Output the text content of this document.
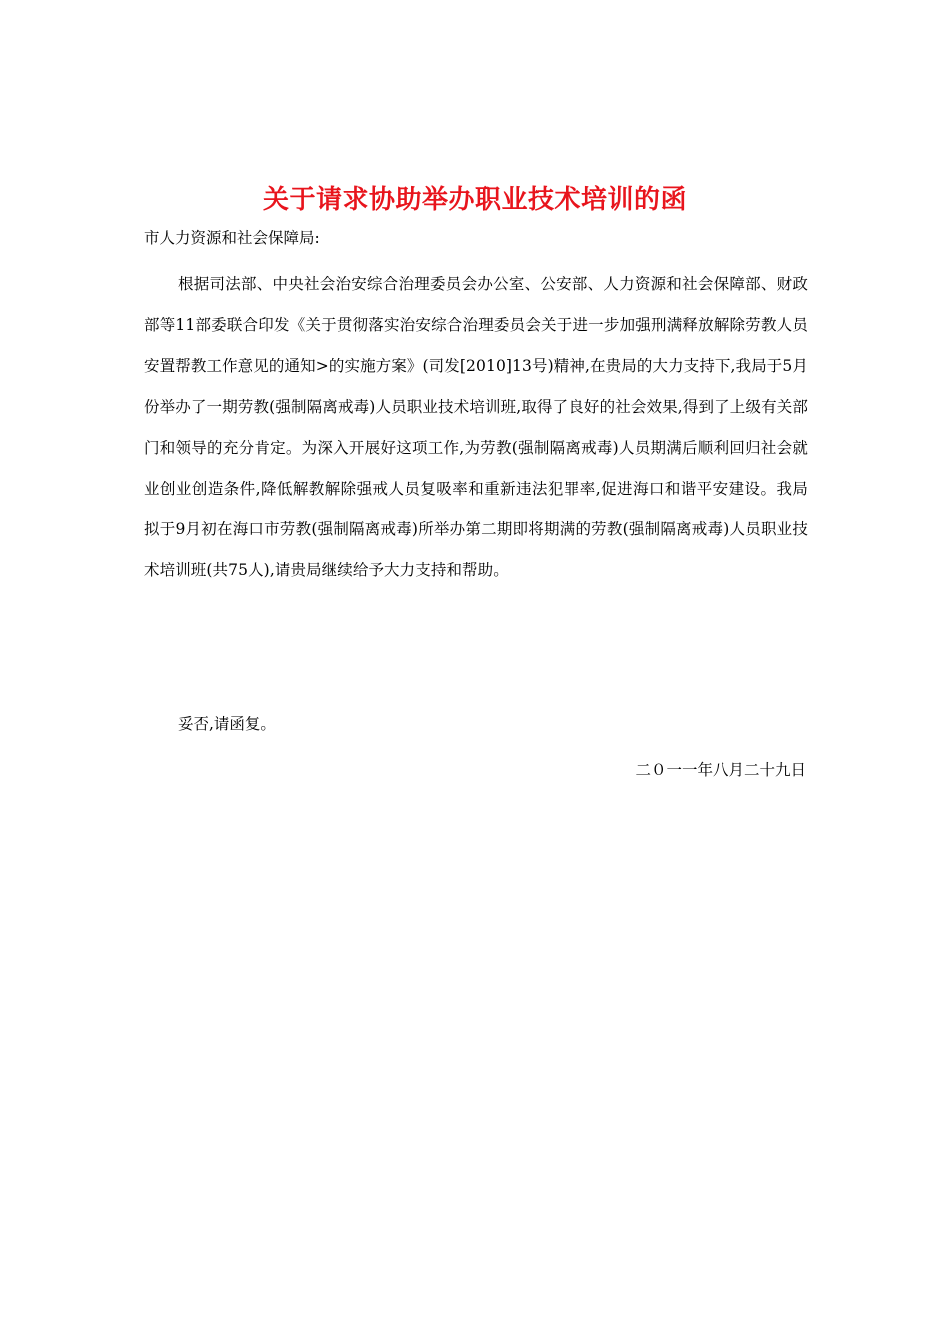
关于请求协助举办职业技术培训的函

市人力资源和社会保障局:

根据司法部、中央社会治安综合治理委员会办公室、公安部、人力资源和社会保障部、财政部等11部委联合印发《关于贯彻落实治安综合治理委员会关于进一步加强刑满释放解除劳教人员安置帮教工作意见的通知>的实施方案》(司发[2010]13号)精神,在贵局的大力支持下,我局于5月份举办了一期劳教(强制隔离戒毒)人员职业技术培训班,取得了良好的社会效果,得到了上级有关部门和领导的充分肯定。为深入开展好这项工作,为劳教(强制隔离戒毒)人员期满后顺利回归社会就业创业创造条件,降低解教解除强戒人员复吸率和重新违法犯罪率,促进海口和谐平安建设。我局拟于9月初在海口市劳教(强制隔离戒毒)所举办第二期即将期满的劳教(强制隔离戒毒)人员职业技术培训班(共75人),请贵局继续给予大力支持和帮助。

妥否,请函复。

二０一一年八月二十九日
